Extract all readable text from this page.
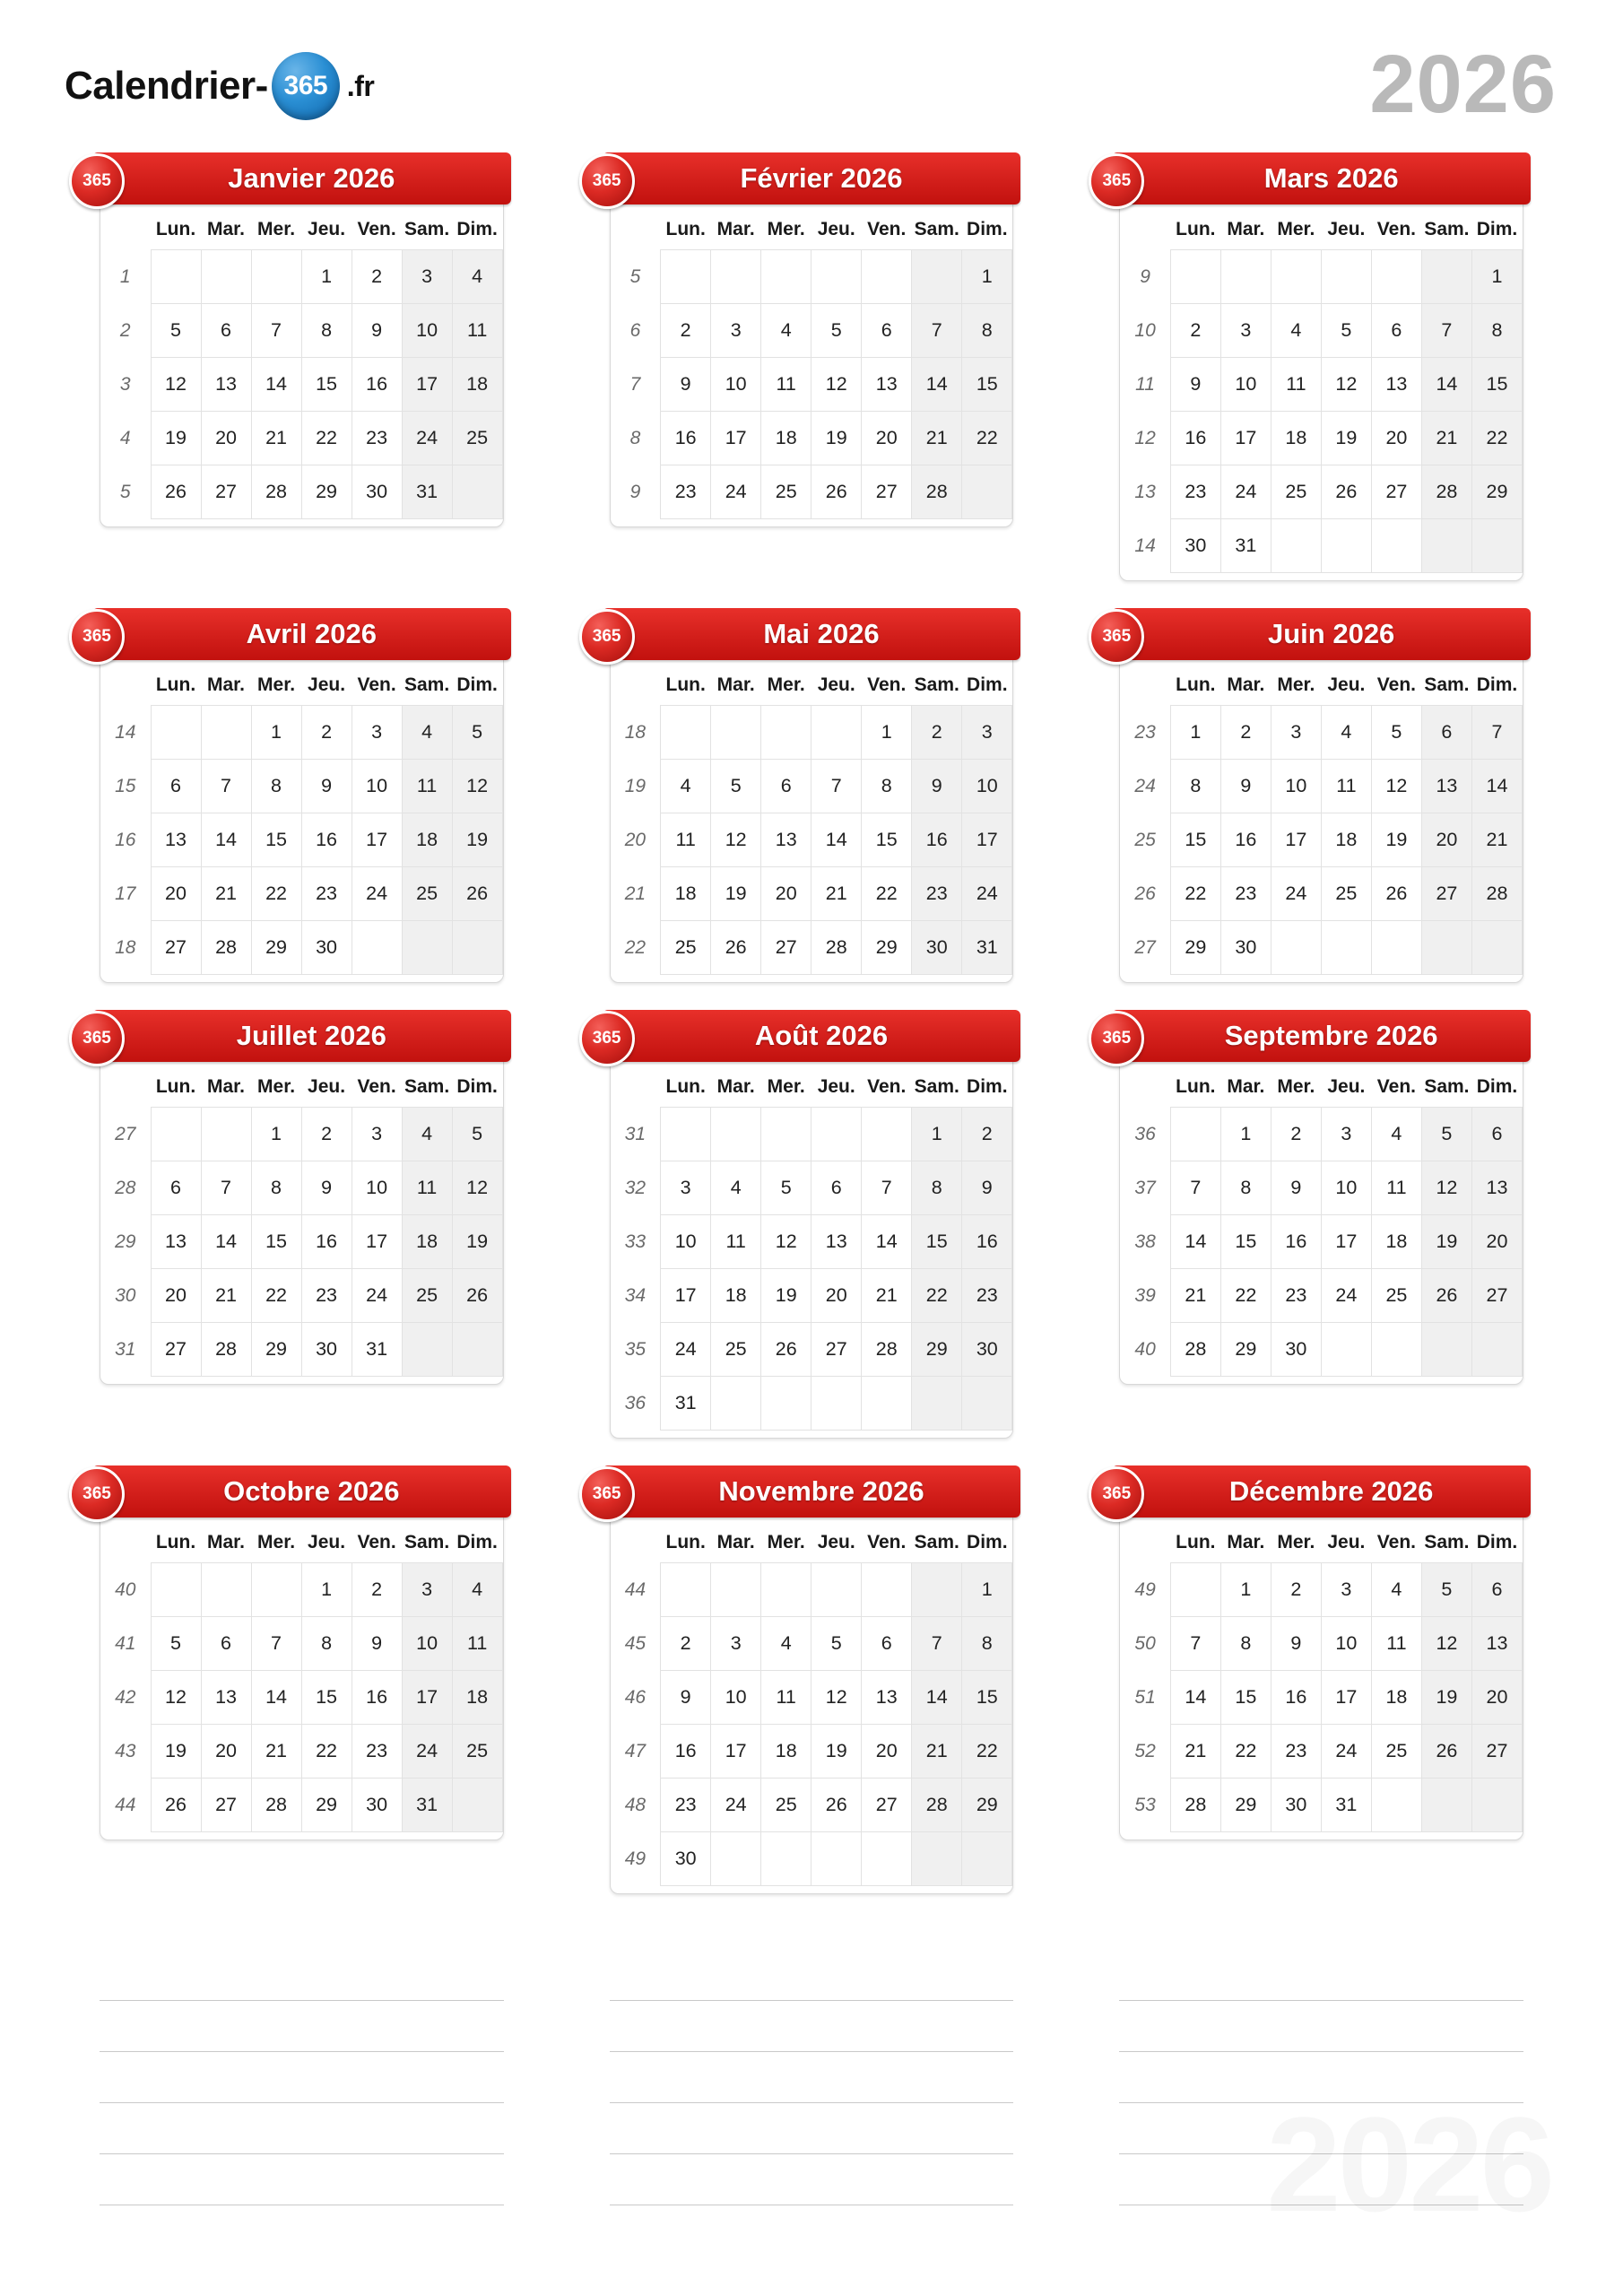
Calendrier- 365 .fr	2026
365	Janvier 2026
	Lun.	Mar.	Mer.	Jeu.	Ven.	Sam.	Dim.
1				1	2	3	4
2	5	6	7	8	9	10	11
3	12	13	14	15	16	17	18
4	19	20	21	22	23	24	25
5	26	27	28	29	30	31	
365	Février 2026
	Lun.	Mar.	Mer.	Jeu.	Ven.	Sam.	Dim.
5							1
6	2	3	4	5	6	7	8
7	9	10	11	12	13	14	15
8	16	17	18	19	20	21	22
9	23	24	25	26	27	28	
365	Mars 2026
	Lun.	Mar.	Mer.	Jeu.	Ven.	Sam.	Dim.
9							1
10	2	3	4	5	6	7	8
11	9	10	11	12	13	14	15
12	16	17	18	19	20	21	22
13	23	24	25	26	27	28	29
14	30	31					
365	Avril 2026
	Lun.	Mar.	Mer.	Jeu.	Ven.	Sam.	Dim.
14			1	2	3	4	5
15	6	7	8	9	10	11	12
16	13	14	15	16	17	18	19
17	20	21	22	23	24	25	26
18	27	28	29	30			
365	Mai 2026
	Lun.	Mar.	Mer.	Jeu.	Ven.	Sam.	Dim.
18					1	2	3
19	4	5	6	7	8	9	10
20	11	12	13	14	15	16	17
21	18	19	20	21	22	23	24
22	25	26	27	28	29	30	31
365	Juin 2026
	Lun.	Mar.	Mer.	Jeu.	Ven.	Sam.	Dim.
23	1	2	3	4	5	6	7
24	8	9	10	11	12	13	14
25	15	16	17	18	19	20	21
26	22	23	24	25	26	27	28
27	29	30					
365	Juillet 2026
	Lun.	Mar.	Mer.	Jeu.	Ven.	Sam.	Dim.
27			1	2	3	4	5
28	6	7	8	9	10	11	12
29	13	14	15	16	17	18	19
30	20	21	22	23	24	25	26
31	27	28	29	30	31		
365	Août 2026
	Lun.	Mar.	Mer.	Jeu.	Ven.	Sam.	Dim.
31						1	2
32	3	4	5	6	7	8	9
33	10	11	12	13	14	15	16
34	17	18	19	20	21	22	23
35	24	25	26	27	28	29	30
36	31						
365	Septembre 2026
	Lun.	Mar.	Mer.	Jeu.	Ven.	Sam.	Dim.
36		1	2	3	4	5	6
37	7	8	9	10	11	12	13
38	14	15	16	17	18	19	20
39	21	22	23	24	25	26	27
40	28	29	30				
365	Octobre 2026
	Lun.	Mar.	Mer.	Jeu.	Ven.	Sam.	Dim.
40				1	2	3	4
41	5	6	7	8	9	10	11
42	12	13	14	15	16	17	18
43	19	20	21	22	23	24	25
44	26	27	28	29	30	31	
365	Novembre 2026
	Lun.	Mar.	Mer.	Jeu.	Ven.	Sam.	Dim.
44							1
45	2	3	4	5	6	7	8
46	9	10	11	12	13	14	15
47	16	17	18	19	20	21	22
48	23	24	25	26	27	28	29
49	30						
365	Décembre 2026
	Lun.	Mar.	Mer.	Jeu.	Ven.	Sam.	Dim.
49		1	2	3	4	5	6
50	7	8	9	10	11	12	13
51	14	15	16	17	18	19	20
52	21	22	23	24	25	26	27
53	28	29	30	31			
